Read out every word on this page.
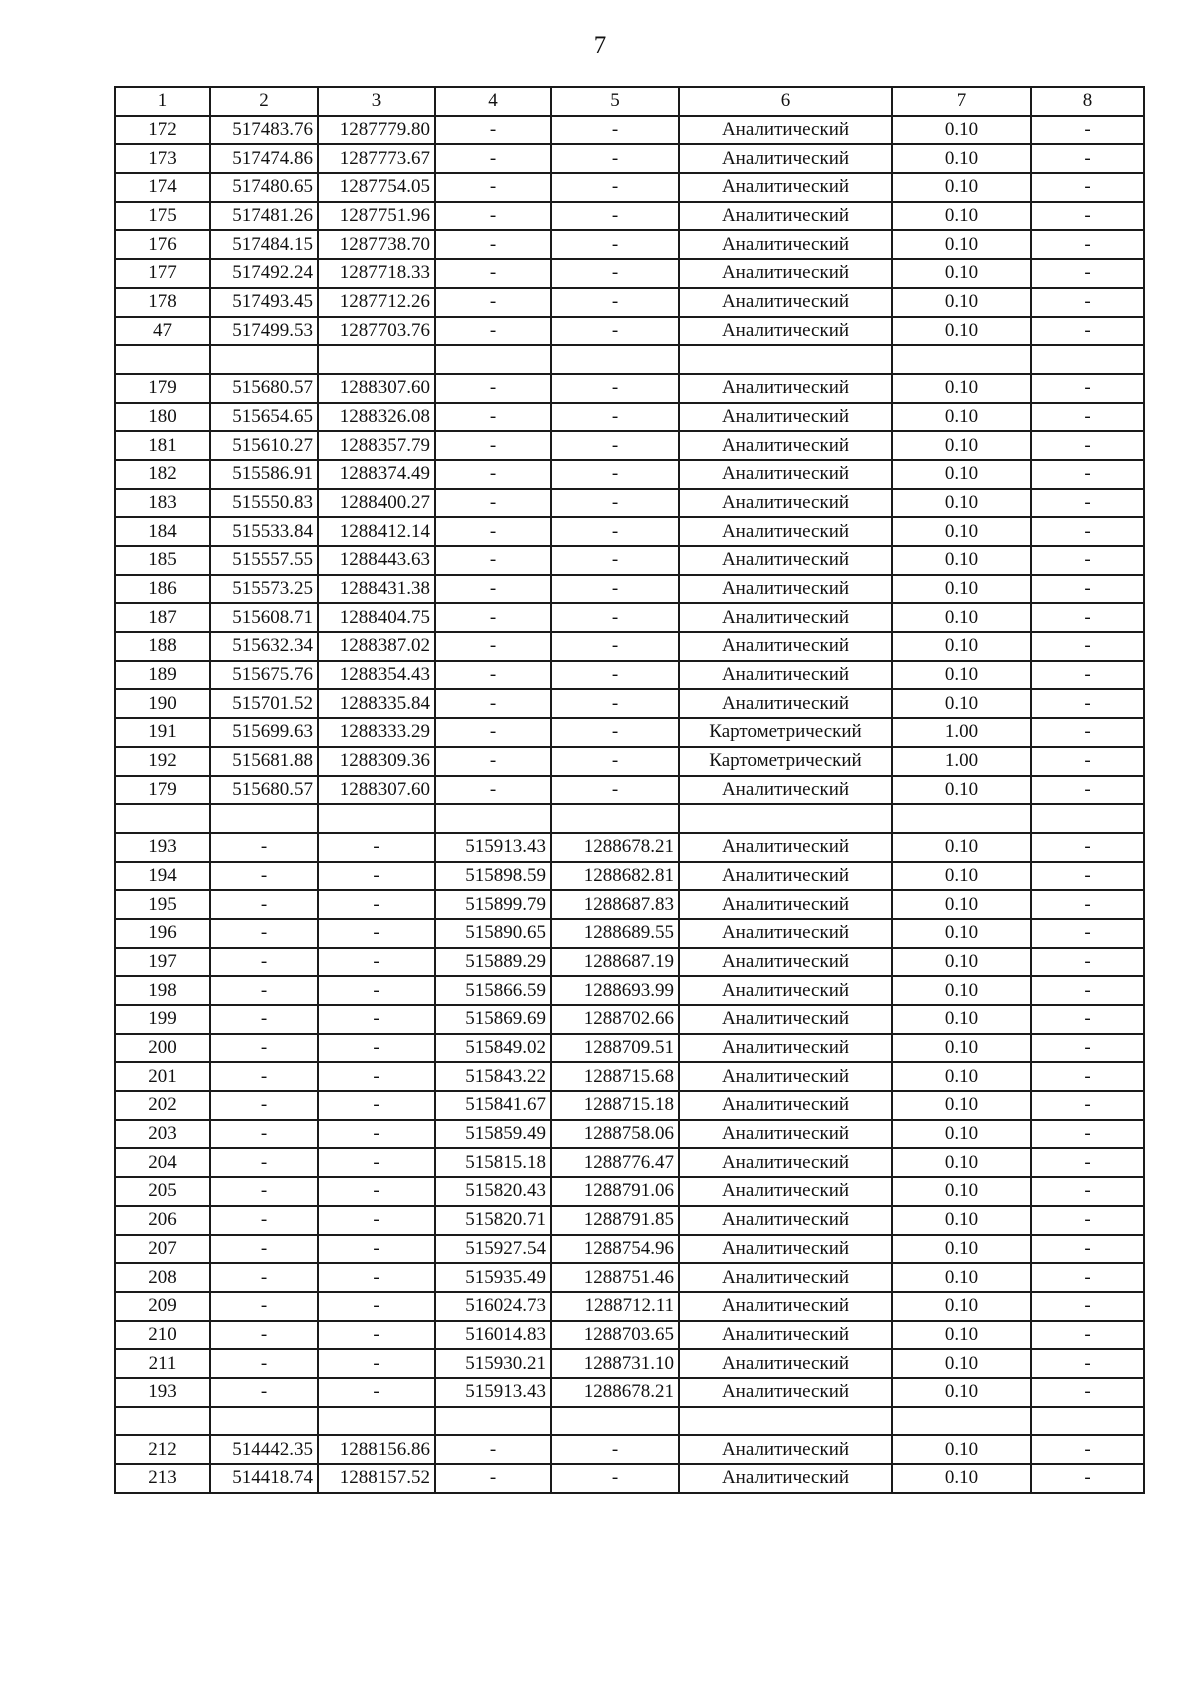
7
1	2	3	4	5	6	7	8
172	517483.76	1287779.80	-	-	Аналитический	0.10	-
173	517474.86	1287773.67	-	-	Аналитический	0.10	-
174	517480.65	1287754.05	-	-	Аналитический	0.10	-
175	517481.26	1287751.96	-	-	Аналитический	0.10	-
176	517484.15	1287738.70	-	-	Аналитический	0.10	-
177	517492.24	1287718.33	-	-	Аналитический	0.10	-
178	517493.45	1287712.26	-	-	Аналитический	0.10	-
47	517499.53	1287703.76	-	-	Аналитический	0.10	-

179	515680.57	1288307.60	-	-	Аналитический	0.10	-
180	515654.65	1288326.08	-	-	Аналитический	0.10	-
181	515610.27	1288357.79	-	-	Аналитический	0.10	-
182	515586.91	1288374.49	-	-	Аналитический	0.10	-
183	515550.83	1288400.27	-	-	Аналитический	0.10	-
184	515533.84	1288412.14	-	-	Аналитический	0.10	-
185	515557.55	1288443.63	-	-	Аналитический	0.10	-
186	515573.25	1288431.38	-	-	Аналитический	0.10	-
187	515608.71	1288404.75	-	-	Аналитический	0.10	-
188	515632.34	1288387.02	-	-	Аналитический	0.10	-
189	515675.76	1288354.43	-	-	Аналитический	0.10	-
190	515701.52	1288335.84	-	-	Аналитический	0.10	-
191	515699.63	1288333.29	-	-	Картометрический	1.00	-
192	515681.88	1288309.36	-	-	Картометрический	1.00	-
179	515680.57	1288307.60	-	-	Аналитический	0.10	-

193	-	-	515913.43	1288678.21	Аналитический	0.10	-
194	-	-	515898.59	1288682.81	Аналитический	0.10	-
195	-	-	515899.79	1288687.83	Аналитический	0.10	-
196	-	-	515890.65	1288689.55	Аналитический	0.10	-
197	-	-	515889.29	1288687.19	Аналитический	0.10	-
198	-	-	515866.59	1288693.99	Аналитический	0.10	-
199	-	-	515869.69	1288702.66	Аналитический	0.10	-
200	-	-	515849.02	1288709.51	Аналитический	0.10	-
201	-	-	515843.22	1288715.68	Аналитический	0.10	-
202	-	-	515841.67	1288715.18	Аналитический	0.10	-
203	-	-	515859.49	1288758.06	Аналитический	0.10	-
204	-	-	515815.18	1288776.47	Аналитический	0.10	-
205	-	-	515820.43	1288791.06	Аналитический	0.10	-
206	-	-	515820.71	1288791.85	Аналитический	0.10	-
207	-	-	515927.54	1288754.96	Аналитический	0.10	-
208	-	-	515935.49	1288751.46	Аналитический	0.10	-
209	-	-	516024.73	1288712.11	Аналитический	0.10	-
210	-	-	516014.83	1288703.65	Аналитический	0.10	-
211	-	-	515930.21	1288731.10	Аналитический	0.10	-
193	-	-	515913.43	1288678.21	Аналитический	0.10	-

212	514442.35	1288156.86	-	-	Аналитический	0.10	-
213	514418.74	1288157.52	-	-	Аналитический	0.10	-
